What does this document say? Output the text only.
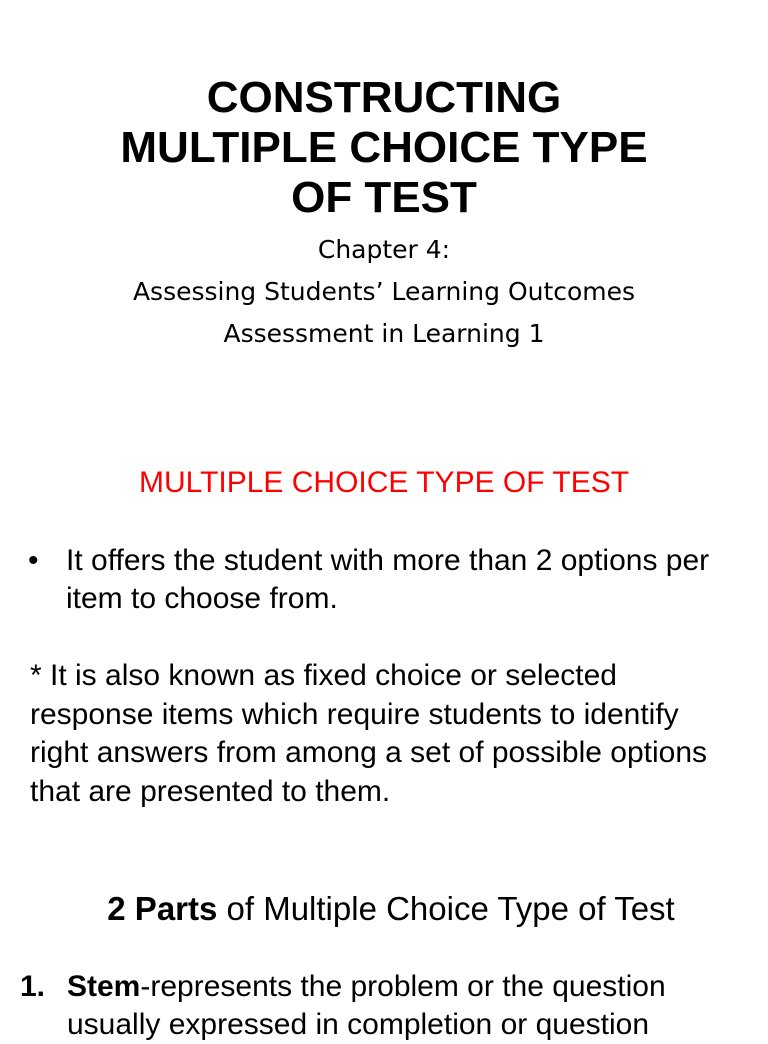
CONSTRUCTING
MULTIPLE CHOICE TYPE
OF TEST
Chapter 4:
Assessing Students’ Learning Outcomes
Assessment in Learning 1
MULTIPLE CHOICE TYPE OF TEST
• It offers the student with more than 2 options per item to choose from.
* It is also known as fixed choice or selected response items which require students to identify right answers from among a set of possible options that are presented to them.
2 Parts of Multiple Choice Type of Test
1. Stem-represents the problem or the question usually expressed in completion or question
